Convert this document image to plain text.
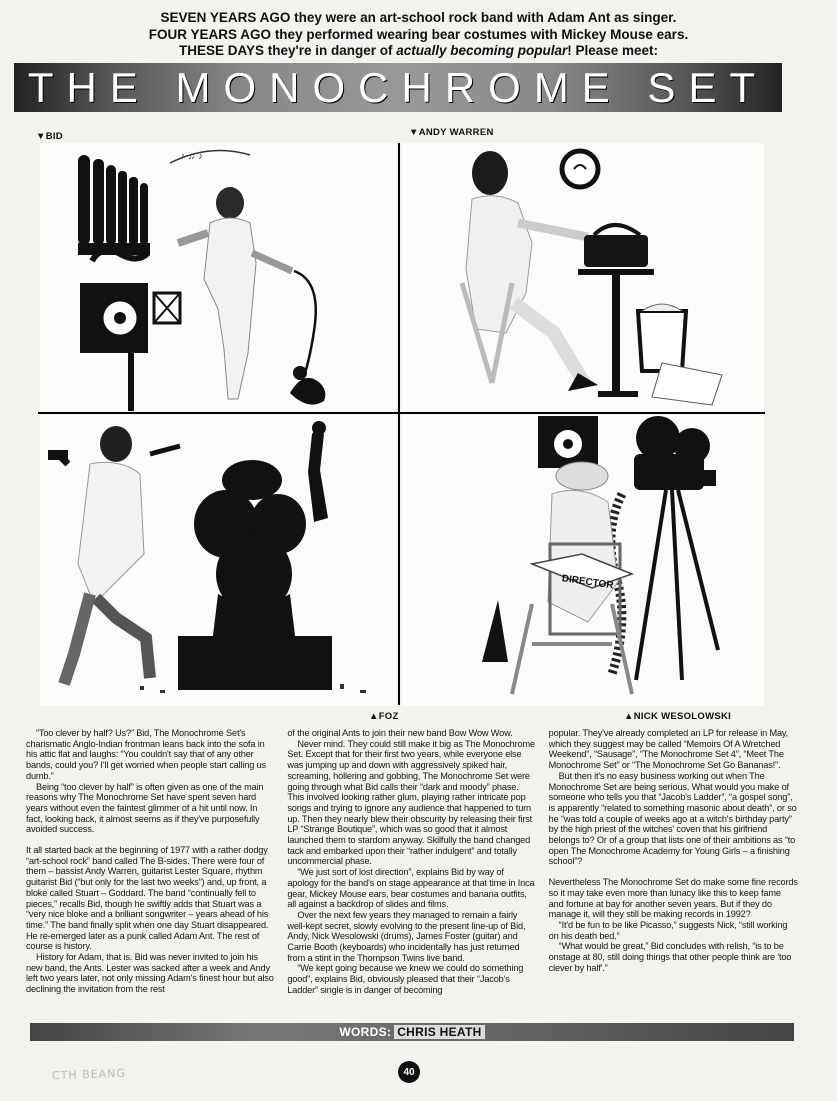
SEVEN YEARS AGO they were an art-school rock band with Adam Ant as singer.
FOUR YEARS AGO they performed wearing bear costumes with Mickey Mouse ears.
THESE DAYS they're in danger of actually becoming popular! Please meet:
THE MONOCHROME SET
▼BID	▼ANDY WARREN
▲FOZ	▲NICK WESOLOWSKI
♪ ♫ ♪
DIRECTOR

“Too clever by half? Us?” Bid, The Monochrome Set's charismatic Anglo-Indian frontman leans back into the sofa in his attic flat and laughs: “You couldn't say that of any other bands, could you? I'll get worried when people start calling us dumb.”

Being “too clever by half” is often given as one of the main reasons why The Monochrome Set have spent seven hard years without even the faintest glimmer of a hit until now. In fact, looking back, it almost seems as if they've purposefully avoided success.

It all started back at the beginning of 1977 with a rather dodgy “art-school rock” band called The B-sides. There were four of them – bassist Andy Warren, guitarist Lester Square, rhythm guitarist Bid (“but only for the last two weeks”) and, up front, a bloke called Stuart – Goddard. The band “continually fell to pieces,” recalls Bid, though he swiftly adds that Stuart was a “very nice bloke and a brilliant songwriter – years ahead of his time.” The band finally split when one day Stuart disappeared. He re-emerged later as a punk called Adam Ant. The rest of course is history.

History for Adam, that is. Bid was never invited to join his new band, the Ants. Lester was sacked after a week and Andy left two years later, not only missing Adam's finest hour but also declining the invitation from the rest

of the original Ants to join their new band Bow Wow Wow.

Never mind. They could still make it big as The Monochrome Set. Except that for their first two years, while everyone else was jumping up and down with aggressively spiked hair, screaming, hollering and gobbing, The Monochrome Set were going through what Bid calls their “dark and moody” phase. This involved looking rather glum, playing rather intricate pop songs and trying to ignore any audience that happened to turn up. Then they nearly blew their obscurity by releasing their first LP “Strange Boutique”, which was so good that it almost launched them to stardom anyway. Skilfully the band changed tack and embarked upon their “rather indulgent” and totally uncommercial phase.

“We just sort of lost direction”, explains Bid by way of apology for the band's on stage appearance at that time in Inca gear, Mickey Mouse ears, bear costumes and banana outfits, all against a backdrop of slides and films.

Over the next few years they managed to remain a fairly well-kept secret, slowly evolving to the present line-up of Bid, Andy, Nick Wesolowski (drums), James Foster (guitar) and Carrie Booth (keyboards) who incidentally has just returned from a stint in the Thompson Twins live band.

“We kept going because we knew we could do something good”, explains Bid, obviously pleased that their “Jacob's Ladder” single is in danger of becoming

popular. They've already completed an LP for release in May, which they suggest may be called “Memoirs Of A Wretched Weekend”, “Sausage”, “The Monochrome Set 4”, “Meet The Monochrome Set” or “The Monochrome Set Go Bananas!”.

But then it's no easy business working out when The Monochrome Set are being serious. What would you make of someone who tells you that “Jacob's Ladder”, “a gospel song”, is apparently “related to something masonic about death”, or so he “was told a couple of weeks ago at a witch's birthday party” by the high priest of the witches' coven that his girlfriend belongs to? Or of a group that lists one of their ambitions as “to open The Monochrome Academy for Young Girls – a finishing school”?

Nevertheless The Monochrome Set do make some fine records so it may take even more than lunacy like this to keep fame and fortune at bay for another seven years. But if they do manage it, will they still be making records in 1992?

“It'd be fun to be like Picasso,” suggests Nick, “still working on his death bed.”

“What would be great,” Bid concludes with relish, “is to be onstage at 80, still doing things that other people think are 'too clever by half'.”

WORDS: CHRIS HEATH
CTH BEANG	40
